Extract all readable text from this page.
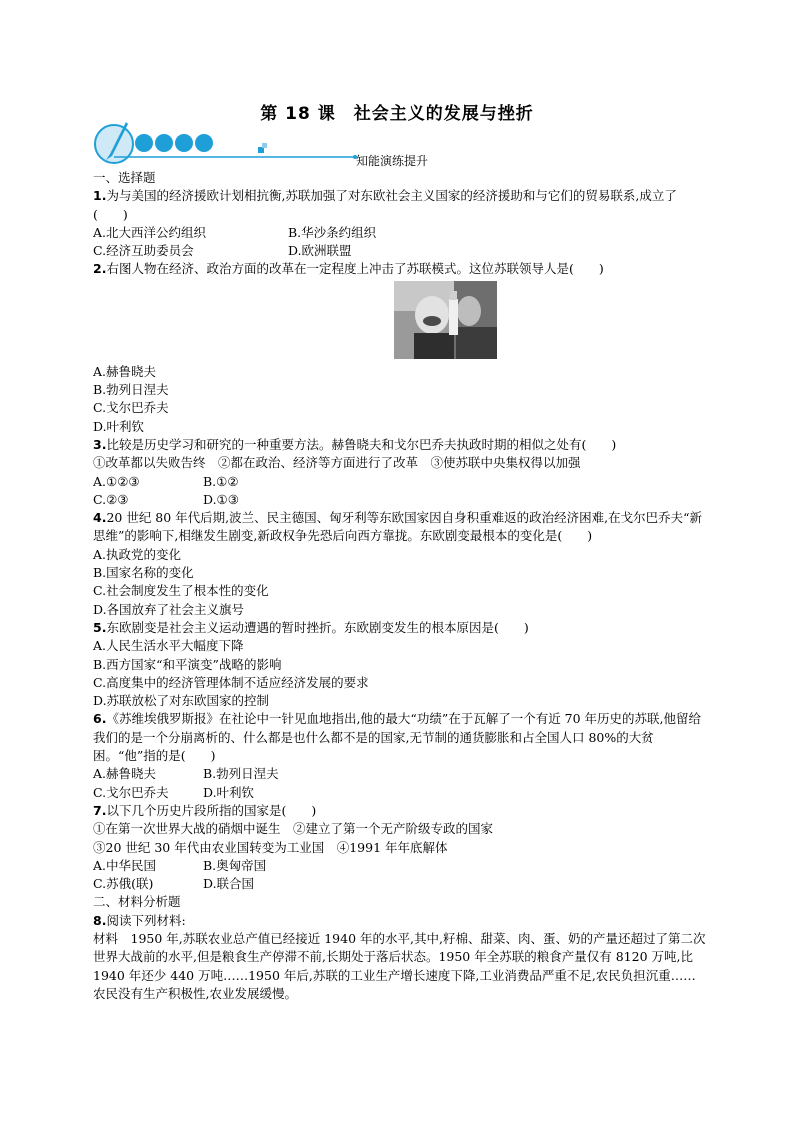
第 18 课　社会主义的发展与挫折
知能演练提升
一、选择题
1.为与美国的经济援欧计划相抗衡,苏联加强了对东欧社会主义国家的经济援助和与它们的贸易联系,成立了(　　)
A.北大西洋公约组织	B.华沙条约组织
C.经济互助委员会	D.欧洲联盟
2.右图人物在经济、政治方面的改革在一定程度上冲击了苏联模式。这位苏联领导人是(　　)
A.赫鲁晓夫
B.勃列日涅夫
C.戈尔巴乔夫
D.叶利钦
3.比较是历史学习和研究的一种重要方法。赫鲁晓夫和戈尔巴乔夫执政时期的相似之处有(　　)
①改革都以失败告终　②都在政治、经济等方面进行了改革　③使苏联中央集权得以加强
A.①②③	B.①②
C.②③	D.①③
4.20 世纪 80 年代后期,波兰、民主德国、匈牙利等东欧国家因自身积重难返的政治经济困难,在戈尔巴乔夫“新思维”的影响下,相继发生剧变,新政权争先恐后向西方靠拢。东欧剧变最根本的变化是(　　)
A.执政党的变化
B.国家名称的变化
C.社会制度发生了根本性的变化
D.各国放弃了社会主义旗号
5.东欧剧变是社会主义运动遭遇的暂时挫折。东欧剧变发生的根本原因是(　　)
A.人民生活水平大幅度下降
B.西方国家“和平演变”战略的影响
C.高度集中的经济管理体制不适应经济发展的要求
D.苏联放松了对东欧国家的控制
6.《苏维埃俄罗斯报》在社论中一针见血地指出,他的最大“功绩”在于瓦解了一个有近 70 年历史的苏联,他留给我们的是一个分崩离析的、什么都是也什么都不是的国家,无节制的通货膨胀和占全国人口 80%的大贫困。“他”指的是(　　)
A.赫鲁晓夫	B.勃列日涅夫
C.戈尔巴乔夫	D.叶利钦
7.以下几个历史片段所指的国家是(　　)
①在第一次世界大战的硝烟中诞生　②建立了第一个无产阶级专政的国家
③20 世纪 30 年代由农业国转变为工业国　④1991 年年底解体
A.中华民国	B.奥匈帝国
C.苏俄(联)	D.联合国
二、材料分析题
8.阅读下列材料:
材料　1950 年,苏联农业总产值已经接近 1940 年的水平,其中,籽棉、甜菜、肉、蛋、奶的产量还超过了第二次世界大战前的水平,但是粮食生产停滞不前,长期处于落后状态。1950 年全苏联的粮食产量仅有 8120 万吨,比 1940 年还少 440 万吨……1950 年后,苏联的工业生产增长速度下降,工业消费品严重不足,农民负担沉重……农民没有生产积极性,农业发展缓慢。
